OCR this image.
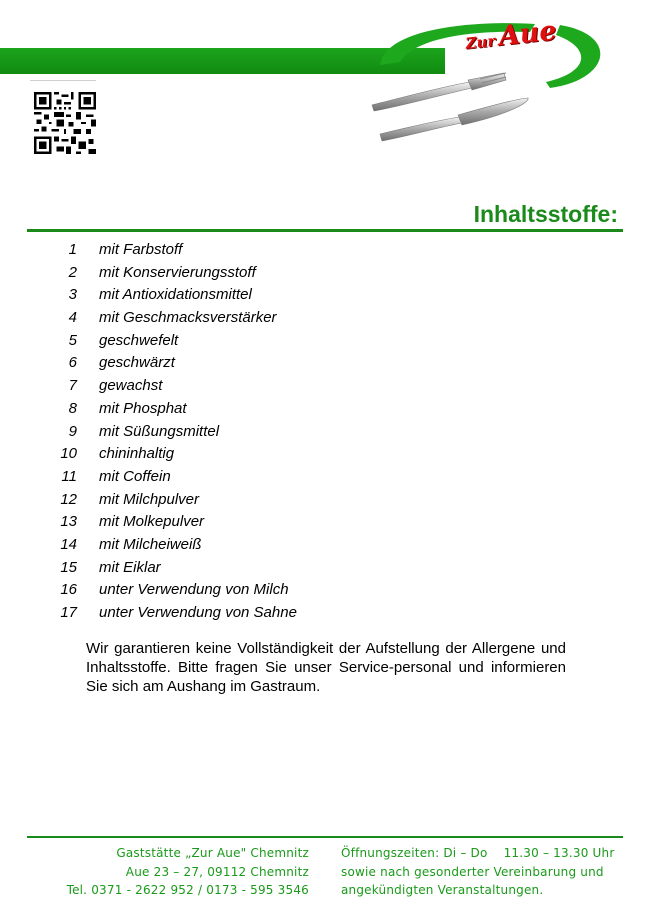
ZurAue
Inhaltsstoffe:
1 mit Farbstoff
2 mit Konservierungsstoff
3 mit Antioxidationsmittel
4 mit Geschmacksverstärker
5 geschwefelt
6 geschwärzt
7 gewachst
8 mit Phosphat
9 mit Süßungsmittel
10 chininhaltig
11 mit Coffein
12 mit Milchpulver
13 mit Molkepulver
14 mit Milcheiweiß
15 mit Eiklar
16 unter Verwendung von Milch
17 unter Verwendung von Sahne

Wir garantieren keine Vollständigkeit der Aufstellung der Allergene und Inhaltsstoffe. Bitte fragen Sie unser Service-personal und informieren Sie sich am Aushang im Gastraum.

Gaststätte „Zur Aue" Chemnitz
Aue 23 – 27, 09112 Chemnitz
Tel. 0371 - 2622 952 / 0173 - 595 3546
Öffnungszeiten: Di – Do    11.30 – 13.30 Uhr
sowie nach gesonderter Vereinbarung und
angekündigten Veranstaltungen.
